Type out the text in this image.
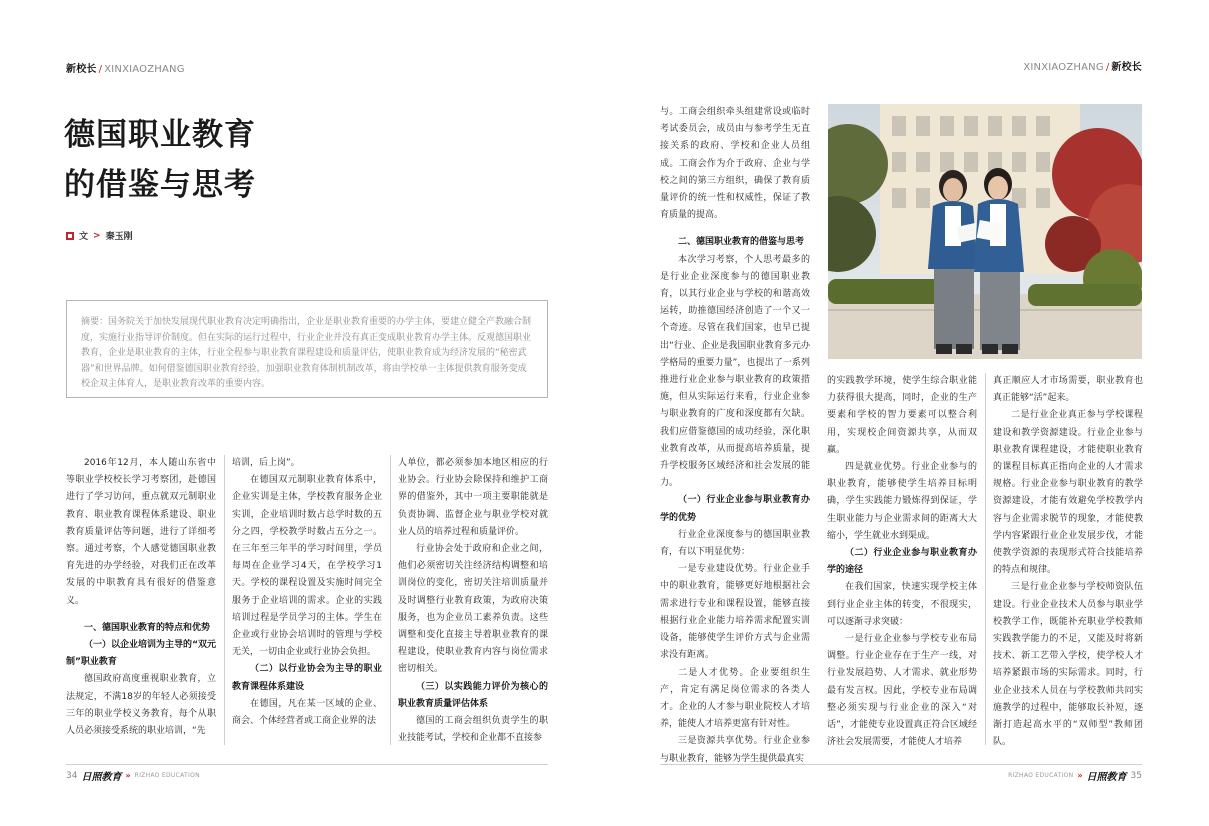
新校长 / XINXIAOZHANG	XINXIAOZHANG / 新校长
德国职业教育
的借鉴与思考
文 > 秦玉刚
摘要：国务院关于加快发展现代职业教育决定明确指出，企业是职业教育重要的办学主体，要建立健全产教融合制度，实施行业指导评价制度。但在实际的运行过程中，行业企业并没有真正变成职业教育办学主体。反观德国职业教育，企业是职业教育的主体，行业全程参与职业教育课程建设和质量评估，使职业教育成为经济发展的“秘密武器”和世界品牌。如何借鉴德国职业教育经验，加强职业教育体制机制改革，将由学校单一主体提供教育服务变成校企双主体育人，是职业教育改革的重要内容。

2016年12月，本人随山东省中等职业学校校长学习考察团，赴德国进行了学习访问，重点就双元制职业教育、职业教育课程体系建设、职业教育质量评估等问题，进行了详细考察。通过考察，个人感觉德国职业教育先进的办学经验，对我们正在改革发展的中职教育具有很好的借鉴意义。

一、德国职业教育的特点和优势

（一）以企业培训为主导的“双元制”职业教育

德国政府高度重视职业教育，立法规定，不满18岁的年轻人必须接受三年的职业学校义务教育，每个从职人员必须接受系统的职业培训，“先

培训，后上岗”。

在德国双元制职业教育体系中，企业实训是主体，学校教育服务企业实训，企业培训时数占总学时数的五分之四，学校教学时数占五分之一。在三年至三年半的学习时间里，学员每周在企业学习4天，在学校学习1天。学校的课程设置及实施时间完全服务于企业培训的需求。企业的实践培训过程是学员学习的主体。学生在企业或行业协会培训时的管理与学校无关，一切由企业或行业协会负担。

（二）以行业协会为主导的职业教育课程体系建设

在德国，凡在某一区域的企业、商会、个体经营者或工商企业界的法

人单位，都必须参加本地区相应的行业协会。行业协会除保持和维护工商界的借鉴外，其中一项主要职能就是负责协调、监督企业与职业学校对就业人员的培养过程和质量评价。

行业协会处于政府和企业之间，他们必须密切关注经济结构调整和培训岗位的变化，密切关注培训质量并及时调整行业教育政策，为政府决策服务，也为企业员工素养负责。这些调整和变化直接主导着职业教育的课程建设，使职业教育内容与岗位需求密切相关。

（三）以实践能力评价为核心的职业教育质量评估体系

德国的工商会组织负责学生的职业技能考试，学校和企业都不直接参

与。工商会组织牵头组建常设或临时考试委员会，成员由与参考学生无直接关系的政府、学校和企业人员组成。工商会作为介于政府、企业与学校之间的第三方组织，确保了教育质量评价的统一性和权威性，保证了教育质量的提高。

二、德国职业教育的借鉴与思考

本次学习考察，个人思考最多的是行业企业深度参与的德国职业教育，以其行业企业与学校的和谐高效运转，助推德国经济创造了一个又一个奇迹。尽管在我们国家，也早已提出“行业、企业是我国职业教育多元办学格局的重要力量”，也提出了一系列推进行业企业参与职业教育的政策措施，但从实际运行来看，行业企业参与职业教育的广度和深度都有欠缺。我们应借鉴德国的成功经验，深化职业教育改革，从而提高培养质量，提升学校服务区域经济和社会发展的能力。

（一）行业企业参与职业教育办学的优势

行业企业深度参与的德国职业教育，有以下明显优势：

一是专业建设优势。行业企业手中的职业教育，能够更好地根据社会需求进行专业和课程设置，能够直接根据行业企业能力培养需求配置实训设备，能够使学生评价方式与企业需求没有距离。

二是人才优势。企业要组织生产，肯定有满足岗位需求的各类人才。企业的人才参与职业院校人才培养，能使人才培养更富有针对性。

三是资源共享优势。行业企业参与职业教育，能够为学生提供最真实

的实践教学环境，使学生综合职业能力获得很大提高，同时，企业的生产要素和学校的智力要素可以整合利用，实现校企间资源共享，从而双赢。

四是就业优势。行业企业参与的职业教育，能够使学生培养目标明确，学生实践能力锻炼得到保证，学生职业能力与企业需求间的距离大大缩小，学生就业水到渠成。

（二）行业企业参与职业教育办学的途径

在我们国家，快速实现学校主体到行业企业主体的转变，不很现实，可以逐渐寻求突破：

一是行业企业参与学校专业布局调整。行业企业存在于生产一线，对行业发展趋势、人才需求、就业形势最有发言权。因此，学校专业布局调整必须实现与行业企业的深入“对话”，才能使专业设置真正符合区域经济社会发展需要，才能使人才培养

真正顺应人才市场需要，职业教育也真正能够“活”起来。

二是行业企业真正参与学校课程建设和教学资源建设。行业企业参与职业教育课程建设，才能使职业教育的课程目标真正指向企业的人才需求规格。行业企业参与职业教育的教学资源建设，才能有效避免学校教学内容与企业需求脱节的现象，才能使教学内容紧跟行业企业发展步伐，才能使教学资源的表现形式符合技能培养的特点和规律。

三是行业企业参与学校师资队伍建设。行业企业技术人员参与职业学校教学工作，既能补充职业学校教师实践教学能力的不足，又能及时将新技术、新工艺带入学校，使学校人才培养紧跟市场的实际需求。同时，行业企业技术人员在与学校教师共同实施教学的过程中，能够取长补短，逐渐打造起高水平的“双师型”教师团队。

34 日照教育 » RIZHAO EDUCATION	RIZHAO EDUCATION » 日照教育 35
